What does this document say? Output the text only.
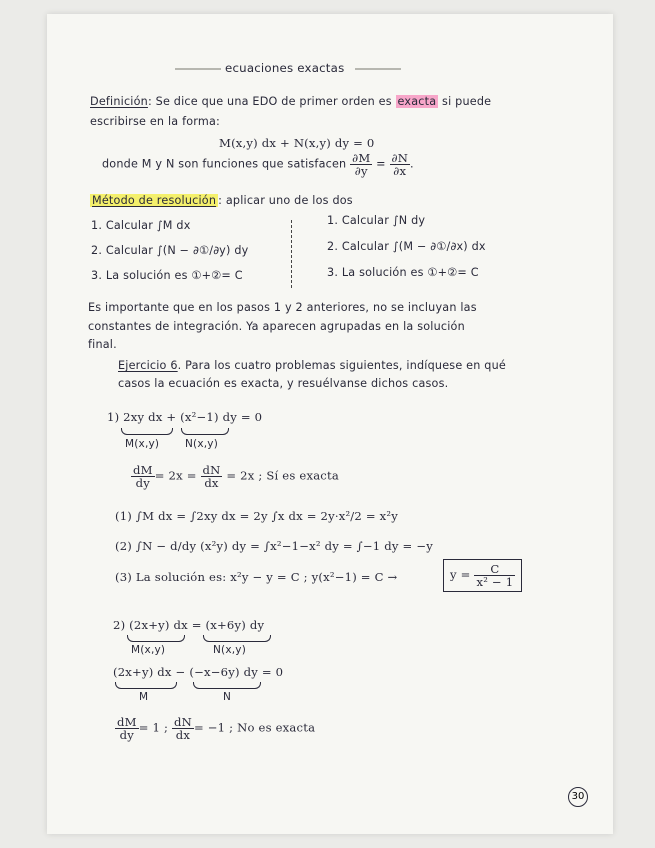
ecuaciones exactas
Definición: Se dice que una EDO de primer orden es exacta si puede
escribirse en la forma:
M(x,y) dx + N(x,y) dy = 0
donde M y N son funciones que satisfacen $\frac{\partial M}{\partial y} = \frac{\partial N}{\partial x}$ .
Método de resolución : aplicar uno de los dos
1. Calcular ∫M dx
2. Calcular ∫(N − ∂①/∂y) dy
3. La solución es ①+②= C
1. Calcular ∫N dy
2. Calcular ∫(M − ∂①/∂x) dx
3. La solución es ①+②= C
Es importante que en los pasos 1 y 2 anteriores, no se incluyan las
constantes de integración. Ya aparecen agrupadas en la solución
final.
Ejercicio 6. Para los cuatro problemas siguientes, indíquese en qué
casos la ecuación es exacta, y resuélvanse dichos casos.
1) 2xy dx + (x²−1) dy = 0
M(x,y) N(x,y)
$\frac{dM}{dy} = 2x = \frac{dN}{dx} = 2x$ ; Sí es exacta
(1) ∫M dx = ∫2xy dx = 2y ∫x dx = 2y·x²/2 = x²y
(2) ∫N − d/dy (x²y) dy = ∫x²−1−x² dy = ∫−1 dy = −y
(3) La solución es: x²y − y = C ; y(x²−1) = C →	$y = \frac{C}{\text{x² − 1}}$
2) (2x+y) dx = (x+6y) dy
M(x,y)	N(x,y)
(2x+y) dx − (−x−6y) dy = 0
M	N
$\frac{dM}{dy} = 1$ ; $\frac{dN}{dx} = -1$ ; No es exacta
30
